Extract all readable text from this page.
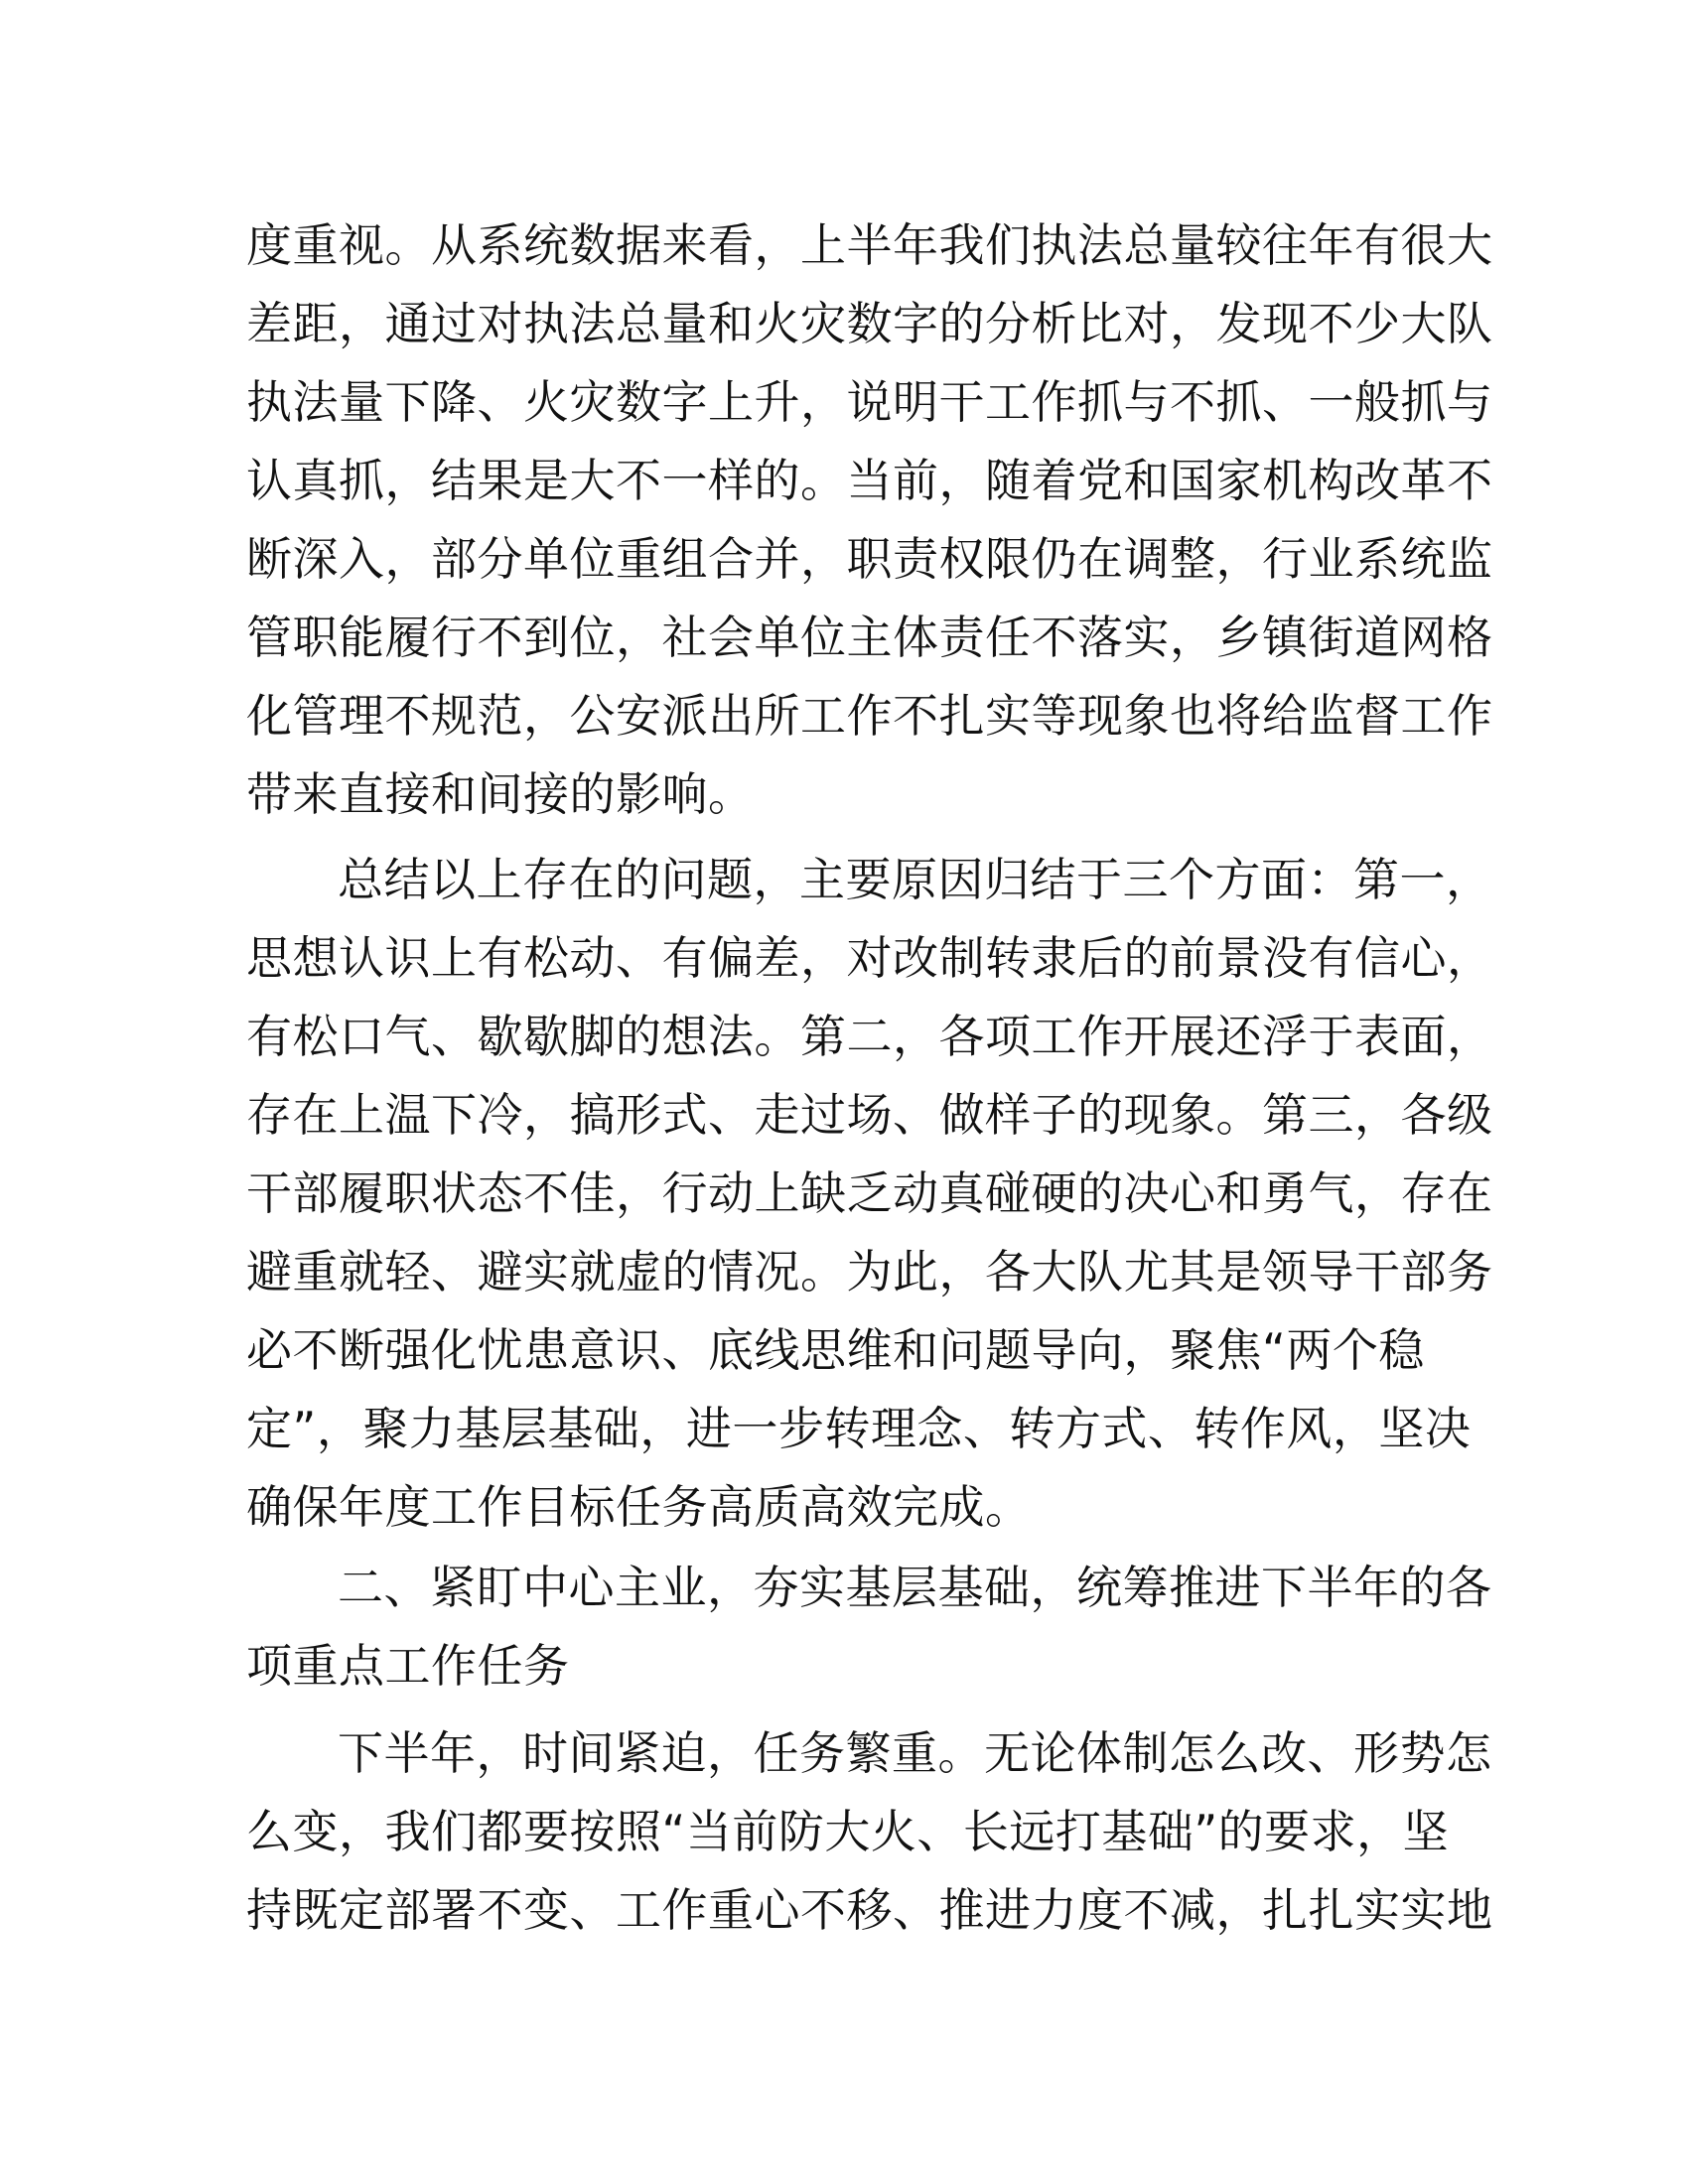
度重视。从系统数据来看，上半年我们执法总量较往年有很大
差距，通过对执法总量和火灾数字的分析比对，发现不少大队
执法量下降、火灾数字上升，说明干工作抓与不抓、一般抓与
认真抓，结果是大不一样的。当前，随着党和国家机构改革不
断深入，部分单位重组合并，职责权限仍在调整，行业系统监
管职能履行不到位，社会单位主体责任不落实，乡镇街道网格
化管理不规范，公安派出所工作不扎实等现象也将给监督工作
带来直接和间接的影响。
总结以上存在的问题，主要原因归结于三个方面：第一，
思想认识上有松动、有偏差，对改制转隶后的前景没有信心，
有松口气、歇歇脚的想法。第二，各项工作开展还浮于表面，
存在上温下冷，搞形式、走过场、做样子的现象。第三，各级
干部履职状态不佳，行动上缺乏动真碰硬的决心和勇气，存在
避重就轻、避实就虚的情况。为此，各大队尤其是领导干部务
必不断强化忧患意识、底线思维和问题导向，聚焦“两个稳
定”，聚力基层基础，进一步转理念、转方式、转作风，坚决
确保年度工作目标任务高质高效完成。
二、紧盯中心主业，夯实基层基础，统筹推进下半年的各
项重点工作任务
下半年，时间紧迫，任务繁重。无论体制怎么改、形势怎
么变，我们都要按照“当前防大火、长远打基础”的要求，坚
持既定部署不变、工作重心不移、推进力度不减，扎扎实实地
